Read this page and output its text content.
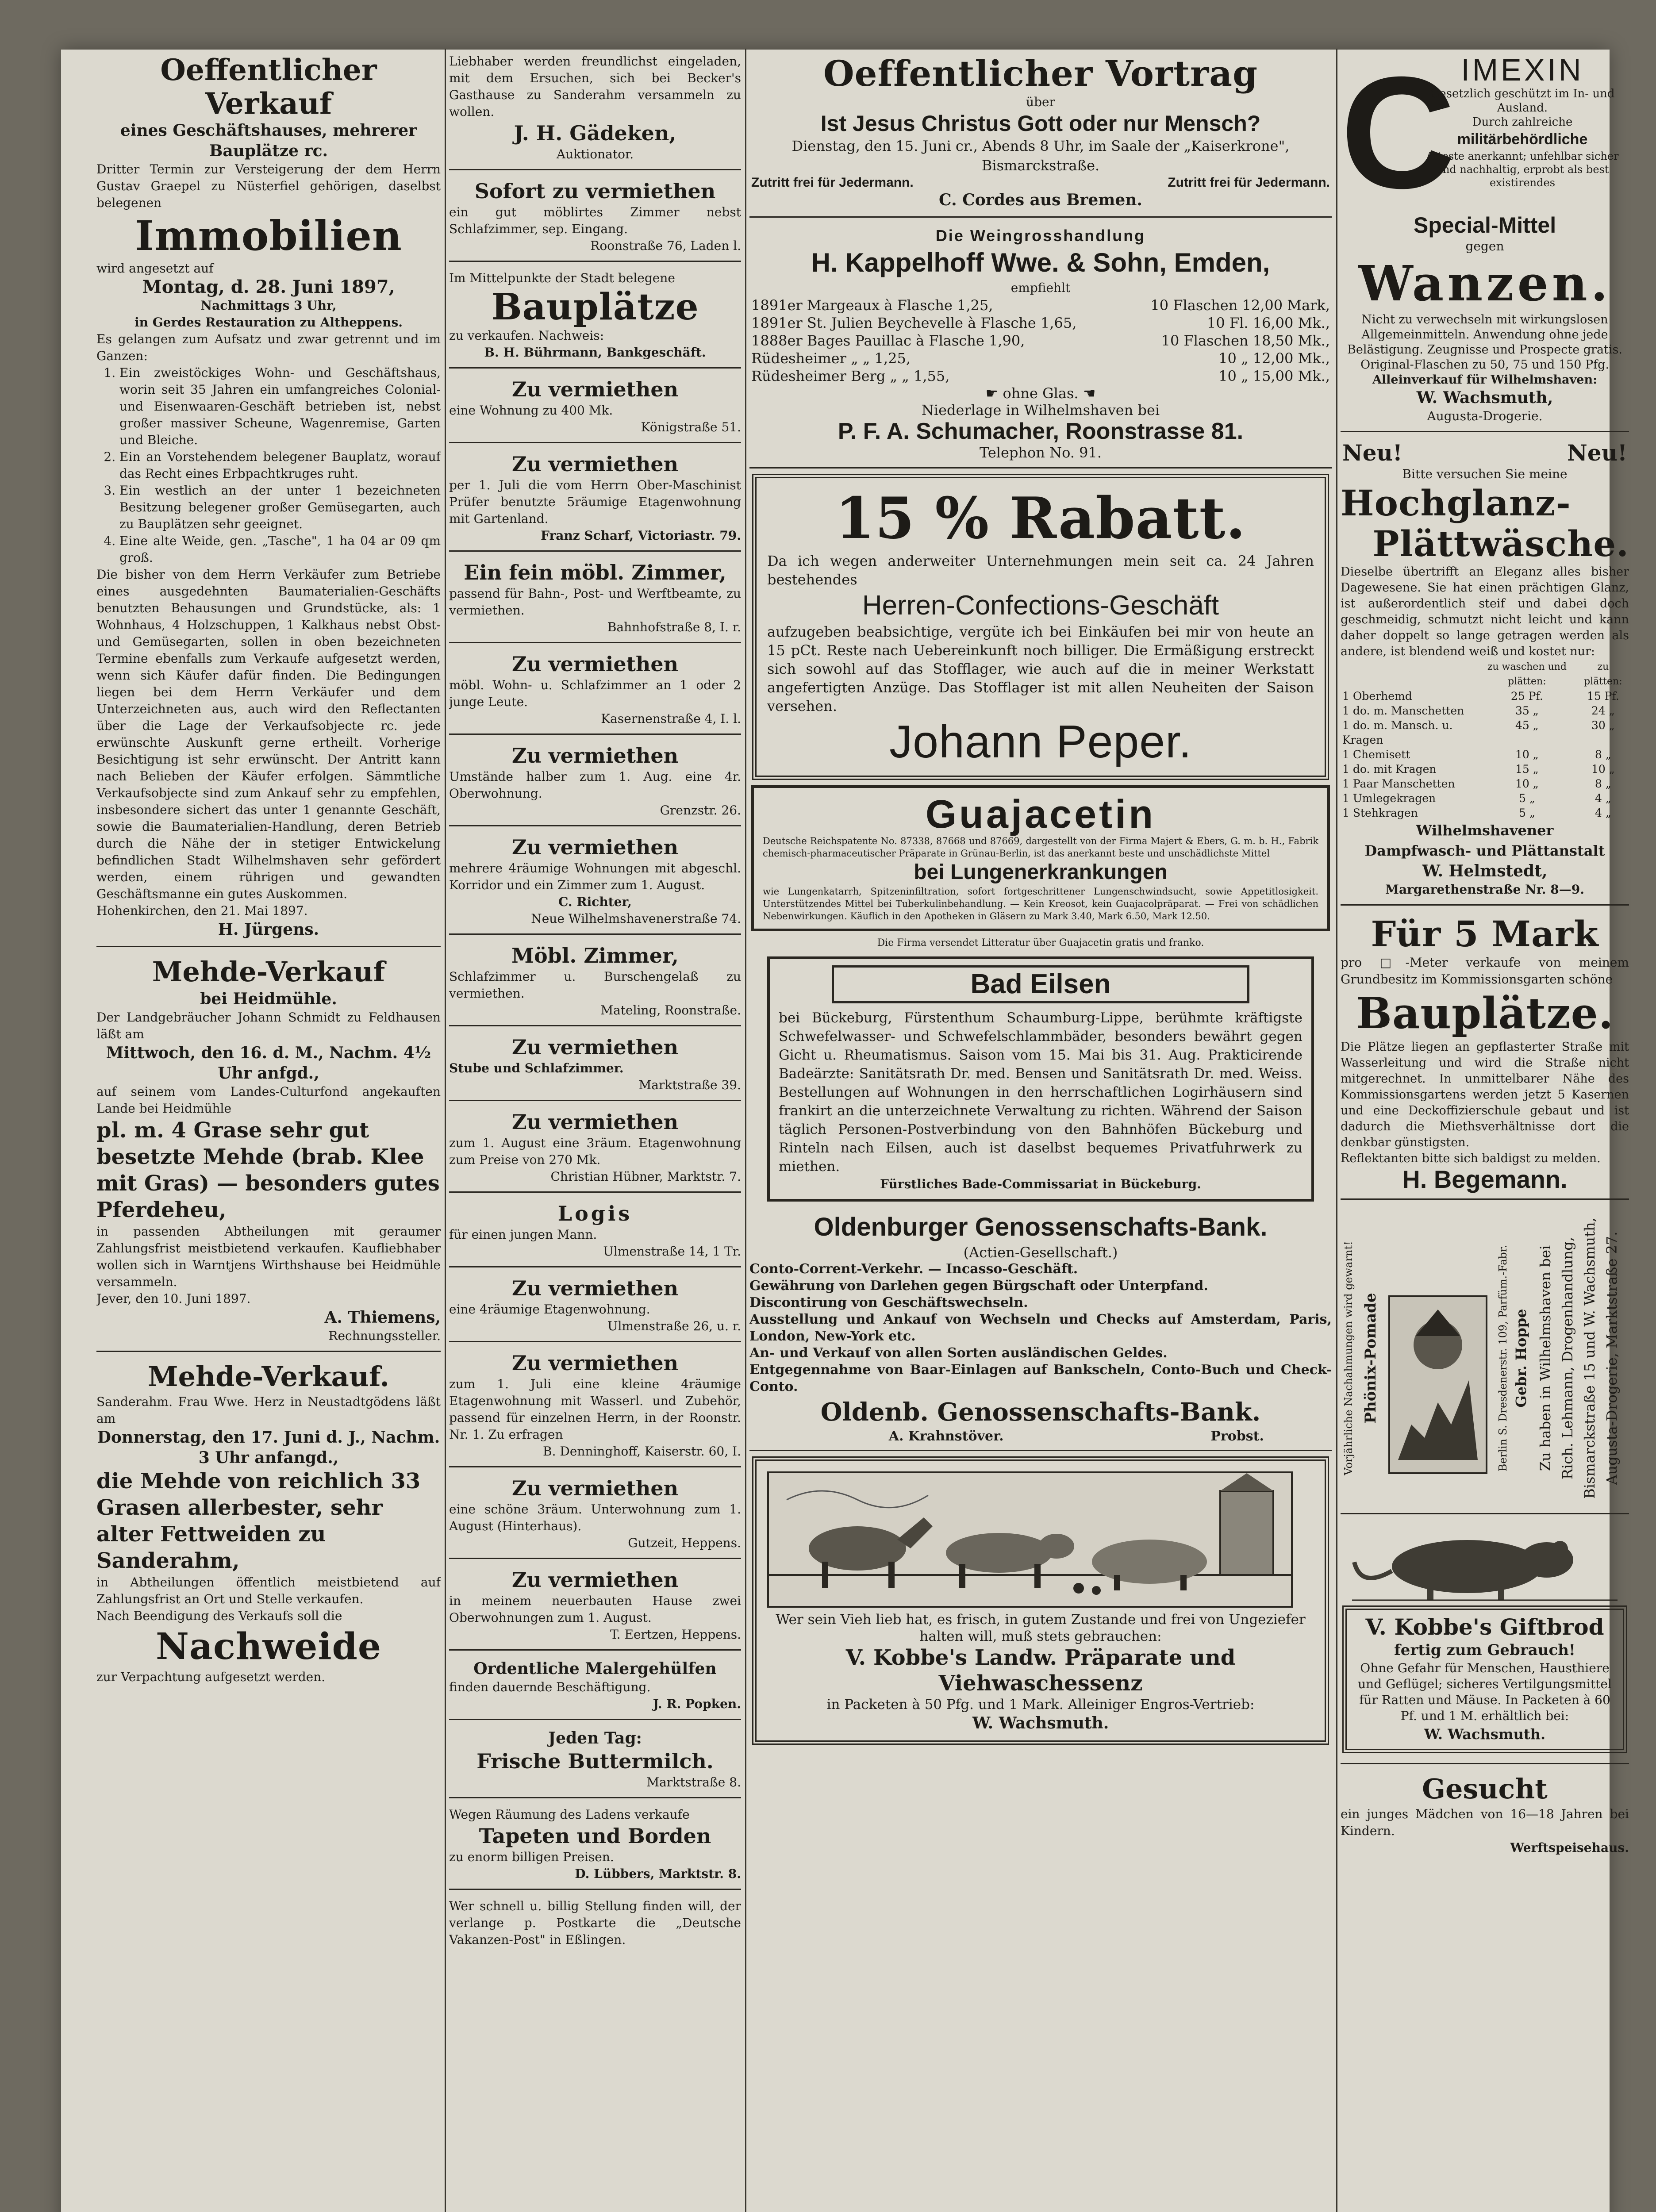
Oeffentlicher Verkauf

eines Geschäftshauses, mehrerer Bauplätze rc.

Dritter Termin zur Versteigerung der dem Herrn Gustav Graepel zu Nüsterfiel gehörigen, daselbst belegenen

Immobilien

wird angesetzt auf

Montag, d. 28. Juni 1897,

Nachmittags 3 Uhr,

in Gerdes Restauration zu Altheppens.

Es gelangen zum Aufsatz und zwar getrennt und im Ganzen:

1. Ein zweistöckiges Wohn- und Geschäftshaus, worin seit 35 Jahren ein umfangreiches Colonial- und Eisenwaaren-Geschäft betrieben ist, nebst großer massiver Scheune, Wagenremise, Garten und Bleiche.
2. Ein an Vorstehendem belegener Bauplatz, worauf das Recht eines Erbpachtkruges ruht.
3. Ein westlich an der unter 1 bezeichneten Besitzung belegener großer Gemüsegarten, auch zu Bauplätzen sehr geeignet.
4. Eine alte Weide, gen. „Tasche", 1 ha 04 ar 09 qm groß.

Die bisher von dem Herrn Verkäufer zum Betriebe eines ausgedehnten Baumaterialien-Geschäfts benutzten Behausungen und Grundstücke, als: 1 Wohnhaus, 4 Holzschuppen, 1 Kalkhaus nebst Obst- und Gemüsegarten, sollen in oben bezeichneten Termine ebenfalls zum Verkaufe aufgesetzt werden, wenn sich Käufer dafür finden. Die Bedingungen liegen bei dem Herrn Verkäufer und dem Unterzeichneten aus, auch wird den Reflectanten über die Lage der Verkaufsobjecte rc. jede erwünschte Auskunft gerne ertheilt. Vorherige Besichtigung ist sehr erwünscht. Der Antritt kann nach Belieben der Käufer erfolgen. Sämmtliche Verkaufsobjecte sind zum Ankauf sehr zu empfehlen, insbesondere sichert das unter 1 genannte Geschäft, sowie die Baumaterialien-Handlung, deren Betrieb durch die Nähe der in stetiger Entwickelung befindlichen Stadt Wilhelmshaven sehr gefördert werden, einem rührigen und gewandten Geschäftsmanne ein gutes Auskommen.

Hohenkirchen, den 21. Mai 1897.

H. Jürgens.

Mehde-Verkauf

bei Heidmühle.

Der Landgebräucher Johann Schmidt zu Feldhausen läßt am

Mittwoch, den 16. d. M., Nachm. 4½ Uhr anfgd.,

auf seinem vom Landes-Culturfond angekauften Lande bei Heidmühle

pl. m. 4 Grase sehr gut besetzte Mehde (brab. Klee mit Gras) — besonders gutes Pferdeheu,

in passenden Abtheilungen mit geraumer Zahlungsfrist meistbietend verkaufen. Kaufliebhaber wollen sich in Warntjens Wirthshause bei Heidmühle versammeln.

Jever, den 10. Juni 1897.

A. Thiemens,

Rechnungssteller.

Mehde-Verkauf.

Sanderahm. Frau Wwe. Herz in Neustadtgödens läßt am

Donnerstag, den 17. Juni d. J., Nachm. 3 Uhr anfangd.,

die Mehde von reichlich 33 Grasen allerbester, sehr alter Fettweiden zu Sanderahm,

in Abtheilungen öffentlich meistbietend auf Zahlungsfrist an Ort und Stelle verkaufen.

Nach Beendigung des Verkaufs soll die

Nachweide

zur Verpachtung aufgesetzt werden.

Liebhaber werden freundlichst eingeladen, mit dem Ersuchen, sich bei Becker's Gasthause zu Sanderahm versammeln zu wollen.

J. H. Gädeken,

Auktionator.

Sofort zu vermiethen

ein gut möblirtes Zimmer nebst Schlafzimmer, sep. Eingang.

Roonstraße 76, Laden l.

Im Mittelpunkte der Stadt belegene

Bauplätze

zu verkaufen. Nachweis:

B. H. Bührmann, Bankgeschäft.

Zu vermiethen

eine Wohnung zu 400 Mk.

Königstraße 51.

Zu vermiethen

per 1. Juli die vom Herrn Ober-Maschinist Prüfer benutzte 5räumige Etagenwohnung mit Gartenland.

Franz Scharf, Victoriastr. 79.

Ein fein möbl. Zimmer,

passend für Bahn-, Post- und Werftbeamte, zu vermiethen.

Bahnhofstraße 8, I. r.

Zu vermiethen

möbl. Wohn- u. Schlafzimmer an 1 oder 2 junge Leute.

Kasernenstraße 4, I. l.

Zu vermiethen

Umstände halber zum 1. Aug. eine 4r. Oberwohnung.

Grenzstr. 26.

Zu vermiethen

mehrere 4räumige Wohnungen mit abgeschl. Korridor und ein Zimmer zum 1. August.

C. Richter,

Neue Wilhelmshavenerstraße 74.

Möbl. Zimmer,

Schlafzimmer u. Burschengelaß zu vermiethen.

Mateling, Roonstraße.

Zu vermiethen

Stube und Schlafzimmer.

Marktstraße 39.

Zu vermiethen

zum 1. August eine 3räum. Etagenwohnung zum Preise von 270 Mk.

Christian Hübner, Marktstr. 7.

Logis

für einen jungen Mann.

Ulmenstraße 14, 1 Tr.

Zu vermiethen

eine 4räumige Etagenwohnung.

Ulmenstraße 26, u. r.

Zu vermiethen

zum 1. Juli eine kleine 4räumige Etagenwohnung mit Wasserl. und Zubehör, passend für einzelnen Herrn, in der Roonstr. Nr. 1. Zu erfragen

B. Denninghoff, Kaiserstr. 60, I.

Zu vermiethen

eine schöne 3räum. Unterwohnung zum 1. August (Hinterhaus).

Gutzeit, Heppens.

Zu vermiethen

in meinem neuerbauten Hause zwei Oberwohnungen zum 1. August.

T. Eertzen, Heppens.

Ordentliche Malergehülfen

finden dauernde Beschäftigung.

J. R. Popken.

Jeden Tag:

Frische Buttermilch.

Marktstraße 8.

Wegen Räumung des Ladens verkaufe

Tapeten und Borden

zu enorm billigen Preisen.

D. Lübbers, Marktstr. 8.

Wer schnell u. billig Stellung finden will, der verlange p. Postkarte die „Deutsche Vakanzen-Post" in Eßlingen.

Oeffentlicher Vortrag

über

Ist Jesus Christus Gott oder nur Mensch?

Dienstag, den 15. Juni cr., Abends 8 Uhr, im Saale der „Kaiserkrone", Bismarckstraße.

Zutritt frei für Jedermann.	Zutritt frei für Jedermann.

C. Cordes aus Bremen.

Die Weingrosshandlung

H. Kappelhoff Wwe. & Sohn, Emden,

empfiehlt

1891er Margeaux à Flasche 1,25,	10 Flaschen 12,00 Mark,
1891er St. Julien Beychevelle à Flasche 1,65,	10 Fl. 16,00 Mk.,
1888er Bages Pauillac à Flasche 1,90,	10 Flaschen 18,50 Mk.,
Rüdesheimer „ „ 1,25,	10 „ 12,00 Mk.,
Rüdesheimer Berg „ „ 1,55,	10 „ 15,00 Mk.,

☛ ohne Glas. ☚

Niederlage in Wilhelmshaven bei

P. F. A. Schumacher, Roonstrasse 81.

Telephon No. 91.

15 % Rabatt.

Da ich wegen anderweiter Unternehmungen mein seit ca. 24 Jahren bestehendes

Herren-Confections-Geschäft

aufzugeben beabsichtige, vergüte ich bei Einkäufen bei mir von heute an 15 pCt. Reste nach Uebereinkunft noch billiger. Die Ermäßigung erstreckt sich sowohl auf das Stofflager, wie auch auf die in meiner Werkstatt angefertigten Anzüge. Das Stofflager ist mit allen Neuheiten der Saison versehen.

Johann Peper.

Guajacetin

Deutsche Reichspatente No. 87338, 87668 und 87669, dargestellt von der Firma Majert & Ebers, G. m. b. H., Fabrik chemisch-pharmaceutischer Präparate in Grünau-Berlin, ist das anerkannt beste und unschädlichste Mittel

bei Lungenerkrankungen

wie Lungenkatarrh, Spitzeninfiltration, sofort fortgeschrittener Lungenschwindsucht, sowie Appetitlosigkeit. Unterstützendes Mittel bei Tuberkulinbehandlung. — Kein Kreosot, kein Guajacolpräparat. — Frei von schädlichen Nebenwirkungen. Käuflich in den Apotheken in Gläsern zu Mark 3.40, Mark 6.50, Mark 12.50.

Die Firma versendet Litteratur über Guajacetin gratis und franko.

Bad Eilsen

bei Bückeburg, Fürstenthum Schaumburg-Lippe, berühmte kräftigste Schwefelwasser- und Schwefelschlammbäder, besonders bewährt gegen Gicht u. Rheumatismus. Saison vom 15. Mai bis 31. Aug. Prakticirende Badeärzte: Sanitätsrath Dr. med. Bensen und Sanitätsrath Dr. med. Weiss. Bestellungen auf Wohnungen in den herrschaftlichen Logirhäusern sind frankirt an die unterzeichnete Verwaltung zu richten. Während der Saison täglich Personen-Postverbindung von den Bahnhöfen Bückeburg und Rinteln nach Eilsen, auch ist daselbst bequemes Privatfuhrwerk zu miethen.

Fürstliches Bade-Commissariat in Bückeburg.

Oldenburger Genossenschafts-Bank.

(Actien-Gesellschaft.)

Conto-Corrent-Verkehr. — Incasso-Geschäft.

Gewährung von Darlehen gegen Bürgschaft oder Unterpfand.

Discontirung von Geschäftswechseln.

Ausstellung und Ankauf von Wechseln und Checks auf Amsterdam, Paris, London, New-York etc.

An- und Verkauf von allen Sorten ausländischen Geldes.

Entgegennahme von Baar-Einlagen auf Bankscheln, Conto-Buch und Check-Conto.

Oldenb. Genossenschafts-Bank.

A. Krahnstöver.	Probst.

Wer sein Vieh lieb hat, es frisch, in gutem Zustande und frei von Ungeziefer halten will, muß stets gebrauchen:

V. Kobbe's Landw. Präparate und Viehwaschessenz

in Packeten à 50 Pfg. und 1 Mark. Alleiniger Engros-Vertrieb:

W. Wachsmuth.

C IMEXIN

Gesetzlich geschützt im In- und Ausland.

Durch zahlreiche

militärbehördliche

Atteste anerkannt; unfehlbar sicher und nachhaltig, erprobt als best existirendes

Special-Mittel

gegen

Wanzen.

Nicht zu verwechseln mit wirkungslosen Allgemeinmitteln. Anwendung ohne jede Belästigung. Zeugnisse und Prospecte gratis.

Original-Flaschen zu 50, 75 und 150 Pfg.

Alleinverkauf für Wilhelmshaven:

W. Wachsmuth,

Augusta-Drogerie.

Neu!	Neu!

Bitte versuchen Sie meine

Hochglanz-

Plättwäsche.

Dieselbe übertrifft an Eleganz alles bisher Dagewesene. Sie hat einen prächtigen Glanz, ist außerordentlich steif und dabei doch geschmeidig, schmutzt nicht leicht und kann daher doppelt so lange getragen werden als andere, ist blendend weiß und kostet nur:

	zu waschen und plätten:	zu plätten:
1 Oberhemd	25 Pf.	15 Pf.
1 do. m. Manschetten	35 „	24 „
1 do. m. Mansch. u. Kragen	45 „	30 „
1 Chemisett	10 „	8 „
1 do. mit Kragen	15 „	10 „
1 Paar Manschetten	10 „	8 „
1 Umlegekragen	5 „	4 „
1 Stehkragen	5 „	4 „

Wilhelmshavener

Dampfwasch- und Plättanstalt

W. Helmstedt,

Margarethenstraße Nr. 8—9.

Für 5 Mark

pro □-Meter verkaufe von meinem Grundbesitz im Kommissionsgarten schöne

Bauplätze.

Die Plätze liegen an gepflasterter Straße mit Wasserleitung und wird die Straße nicht mitgerechnet. In unmittelbarer Nähe des Kommissionsgartens werden jetzt 5 Kasernen und eine Deckoffizierschule gebaut und ist dadurch die Miethsverhältnisse dort die denkbar günstigsten.

Reflektanten bitte sich baldigst zu melden.

H. Begemann.

Vorjährliche Nachahmungen wird gewarnt! Phönix-Pomade	Berlin S. Dresdenerstr. 109, Parfüm.-Fabr. Gebr. Hoppe Zu haben in Wilhelmshaven bei Rich. Lehmann, Drogenhandlung, Bismarckstraße 15 und W. Wachsmuth, Augusta-Drogerie, Marktstraße 27.

V. Kobbe's Giftbrod

fertig zum Gebrauch!

Ohne Gefahr für Menschen, Hausthiere und Geflügel; sicheres Vertilgungsmittel für Ratten und Mäuse. In Packeten à 60 Pf. und 1 M. erhältlich bei:

W. Wachsmuth.

Gesucht

ein junges Mädchen von 16—18 Jahren bei Kindern.

Werftspeisehaus.
